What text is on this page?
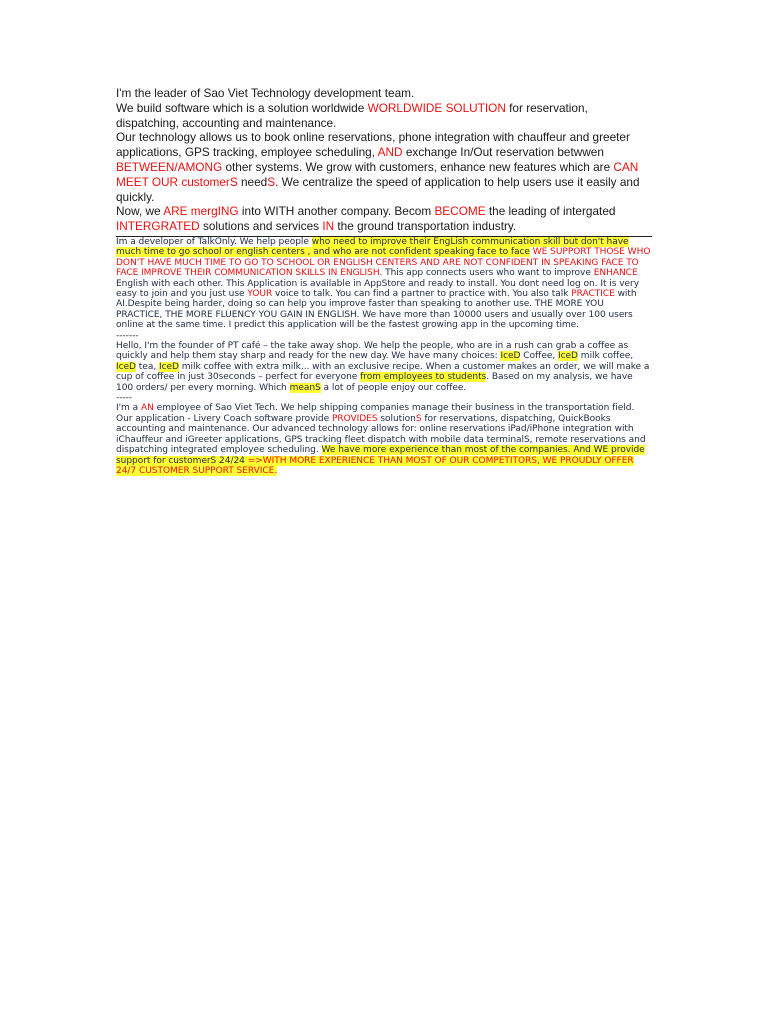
I'm the leader of Sao Viet Technology development team.

We build software which is a solution worldwide WORLDWIDE SOLUTION for reservation, dispatching, accounting and maintenance.

Our technology allows us to book online reservations, phone integration with chauffeur and greeter applications, GPS tracking, employee scheduling, AND exchange In/Out reservation betwwen BETWEEN/AMONG other systems. We grow with customers, enhance new features which are CAN MEET OUR customerS needS. We centralize the speed of application to help users use it easily and quickly.

Now, we ARE mergING into WITH another company. Becom BECOME the leading of intergated INTERGRATED solutions and services IN the ground transportation industry.

Im a developer of TalkOnly. We help people who need to improve their EngLish communication skill but don't have much time to go school or english centers , and who are not confident speaking face to face WE SUPPORT THOSE WHO DON'T HAVE MUCH TIME TO GO TO SCHOOL OR ENGLISH CENTERS AND ARE NOT CONFIDENT IN SPEAKING FACE TO FACE IMPROVE THEIR COMMUNICATION SKILLS IN ENGLISH. This app connects users who want to improve ENHANCE English with each other. This Application is available in AppStore and ready to install. You dont need log on. It is very easy to join and you just use YOUR voice to talk. You can find a partner to practice with. You also talk PRACTICE with AI.Despite being harder, doing so can help you improve faster than speaking to another use. THE MORE YOU PRACTICE, THE MORE FLUENCY YOU GAIN IN ENGLISH. We have more than 10000 users and usually over 100 users online at the same time. I predict this application will be the fastest growing app in the upcoming time.

-------

Hello, I'm the founder of PT café – the take away shop. We help the people, who are in a rush can grab a coffee as quickly and help them stay sharp and ready for the new day. We have many choices: IceD Coffee, IceD milk coffee, IceD tea, IceD milk coffee with extra milk... with an exclusive recipe. When a customer makes an order, we will make a cup of coffee in just 30seconds – perfect for everyone from employees to students. Based on my analysis, we have 100 orders/ per every morning. Which meanS a lot of people enjoy our coffee.

-----

I'm a AN employee of Sao Viet Tech. We help shipping companies manage their business in the transportation field. Our application - Livery Coach software provide PROVIDES solutionS for reservations, dispatching, QuickBooks accounting and maintenance. Our advanced technology allows for: online reservations iPad/iPhone integration with iChauffeur and iGreeter applications, GPS tracking fleet dispatch with mobile data terminalS, remote reservations and dispatching integrated employee scheduling. We have more experience than most of the companies. And WE provide support for customerS 24/24 =>WITH MORE EXPERIENCE THAN MOST OF OUR COMPETITORS, WE PROUDLY OFFER 24/7 CUSTOMER SUPPORT SERVICE.
